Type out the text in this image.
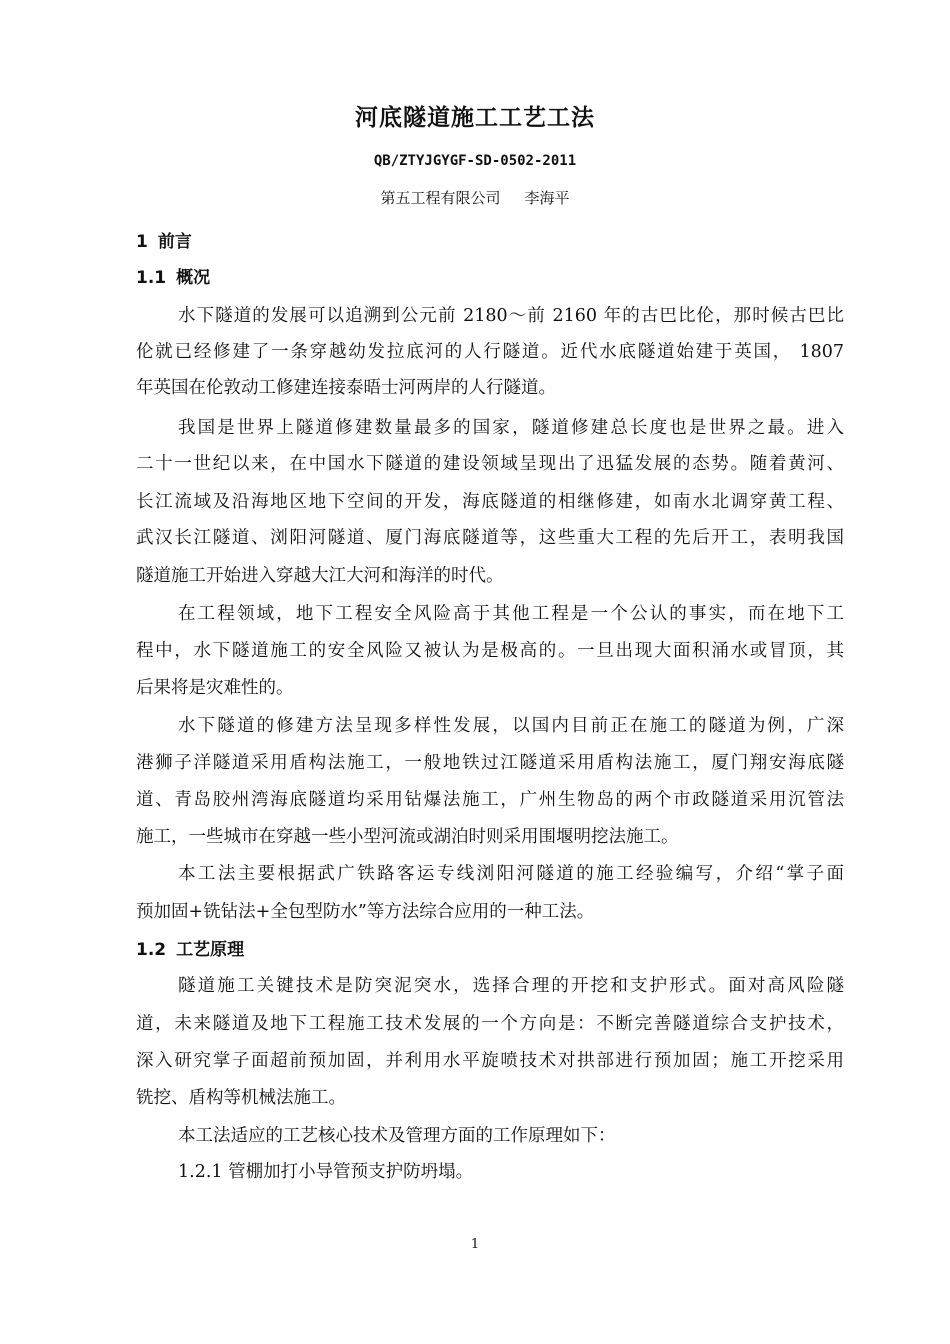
河底隧道施工工艺工法
QB/ZTYJGYGF-SD-0502-2011
第五工程有限公司 李海平
1 前言
1.1 概况
水下隧道的发展可以追溯到公元前 2180～前 2160 年的古巴比伦，那时候古巴比
伦就已经修建了一条穿越幼发拉底河的人行隧道。近代水底隧道始建于英国， 1807
年英国在伦敦动工修建连接泰晤士河两岸的人行隧道。
我国是世界上隧道修建数量最多的国家，隧道修建总长度也是世界之最。进入
二十一世纪以来，在中国水下隧道的建设领域呈现出了迅猛发展的态势。随着黄河、
长江流域及沿海地区地下空间的开发，海底隧道的相继修建，如南水北调穿黄工程、
武汉长江隧道、浏阳河隧道、厦门海底隧道等，这些重大工程的先后开工，表明我国
隧道施工开始进入穿越大江大河和海洋的时代。
在工程领域，地下工程安全风险高于其他工程是一个公认的事实，而在地下工
程中，水下隧道施工的安全风险又被认为是极高的。一旦出现大面积涌水或冒顶，其
后果将是灾难性的。
水下隧道的修建方法呈现多样性发展，以国内目前正在施工的隧道为例，广深
港狮子洋隧道采用盾构法施工，一般地铁过江隧道采用盾构法施工，厦门翔安海底隧
道、青岛胶州湾海底隧道均采用钻爆法施工，广州生物岛的两个市政隧道采用沉管法
施工，一些城市在穿越一些小型河流或湖泊时则采用围堰明挖法施工。
本工法主要根据武广铁路客运专线浏阳河隧道的施工经验编写，介绍“掌子面
预加固+铣钻法+全包型防水”等方法综合应用的一种工法。
1.2 工艺原理
隧道施工关键技术是防突泥突水，选择合理的开挖和支护形式。面对高风险隧
道，未来隧道及地下工程施工技术发展的一个方向是：不断完善隧道综合支护技术，
深入研究掌子面超前预加固，并利用水平旋喷技术对拱部进行预加固；施工开挖采用
铣挖、盾构等机械法施工。
本工法适应的工艺核心技术及管理方面的工作原理如下：
1.2.1 管棚加打小导管预支护防坍塌。
1
